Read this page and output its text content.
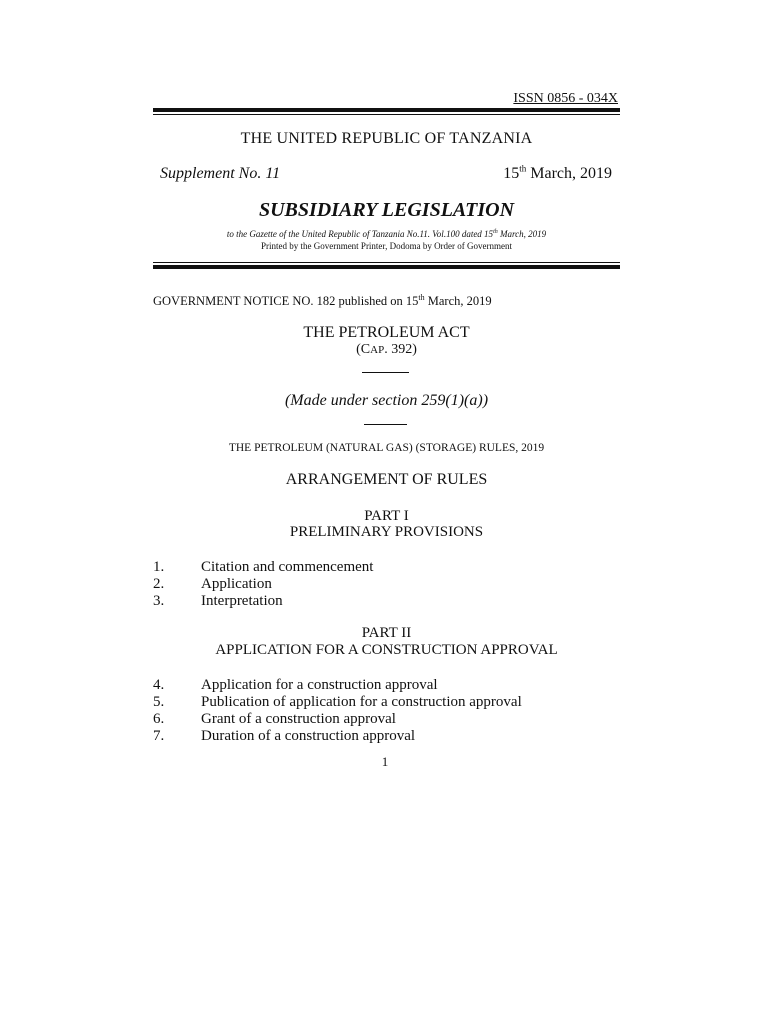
ISSN 0856 - 034X
THE UNITED REPUBLIC OF TANZANIA
Supplement No. 11	15th March, 2019
SUBSIDIARY LEGISLATION
to the Gazette of the United Republic of Tanzania No.11. Vol.100 dated 15th March, 2019
Printed by the Government Printer, Dodoma by Order of Government
GOVERNMENT NOTICE NO. 182 published on 15th March, 2019
THE PETROLEUM ACT
(CAP. 392)
(Made under section 259(1)(a))
THE PETROLEUM (NATURAL GAS) (STORAGE) RULES, 2019
ARRANGEMENT OF RULES
PART I
PRELIMINARY PROVISIONS
1. Citation and commencement
2. Application
3. Interpretation
PART II
APPLICATION FOR A CONSTRUCTION APPROVAL
4. Application for a construction approval
5. Publication of application for a construction approval
6. Grant of a construction approval
7. Duration of a construction approval
1
